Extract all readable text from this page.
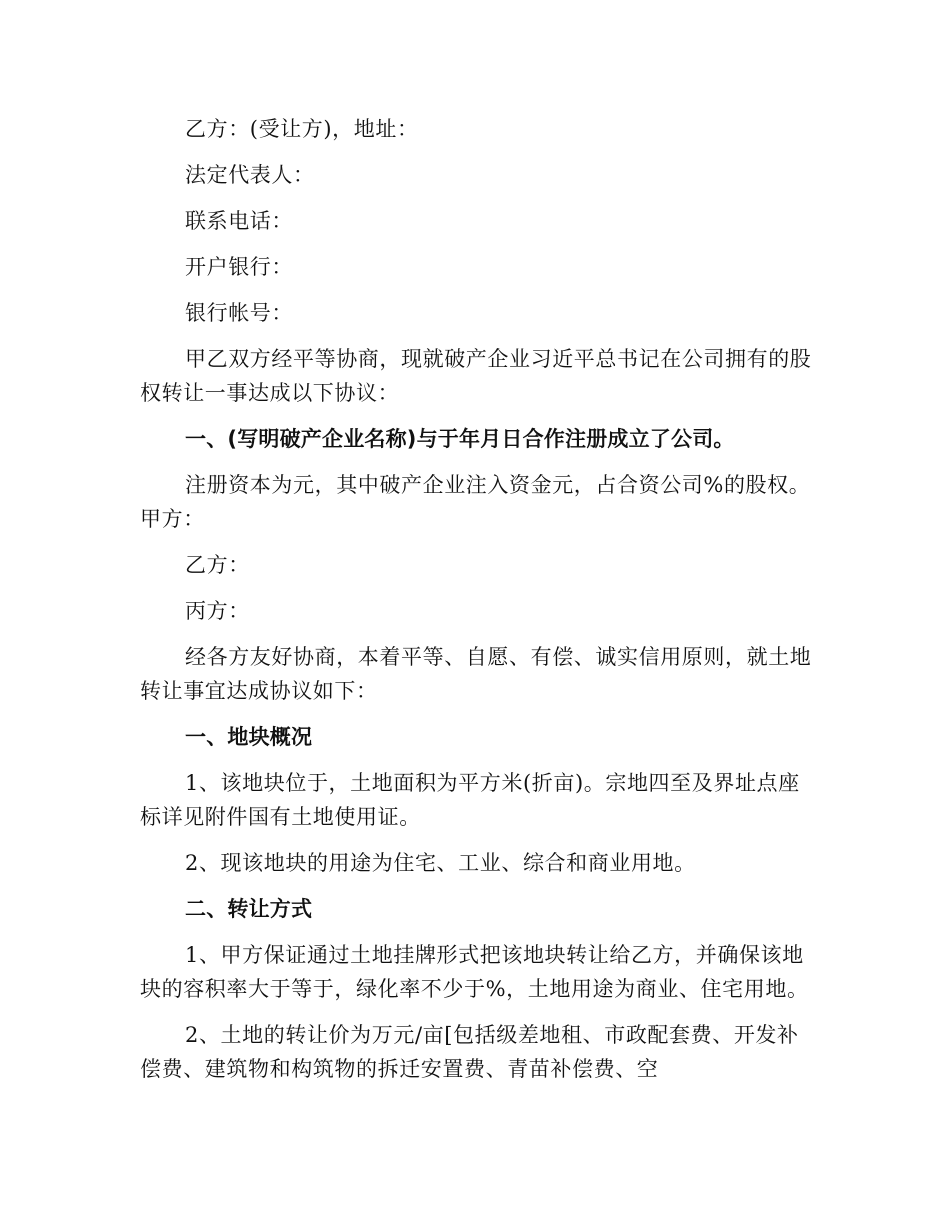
乙方：(受让方)，地址：

法定代表人：

联系电话：

开户银行：

银行帐号：

甲乙双方经平等协商，现就破产企业习近平总书记在公司拥有的股权转让一事达成以下协议：

一、(写明破产企业名称)与于年月日合作注册成立了公司。

注册资本为元，其中破产企业注入资金元，占合资公司%的股权。甲方：

乙方：

丙方：

经各方友好协商，本着平等、自愿、有偿、诚实信用原则，就土地转让事宜达成协议如下：

一、地块概况

1、该地块位于，土地面积为平方米(折亩)。宗地四至及界址点座标详见附件国有土地使用证。

2、现该地块的用途为住宅、工业、综合和商业用地。

二、转让方式

1、甲方保证通过土地挂牌形式把该地块转让给乙方，并确保该地块的容积率大于等于，绿化率不少于%，土地用途为商业、住宅用地。

2、土地的转让价为万元/亩[包括级差地租、市政配套费、开发补偿费、建筑物和构筑物的拆迁安置费、青苗补偿费、空
